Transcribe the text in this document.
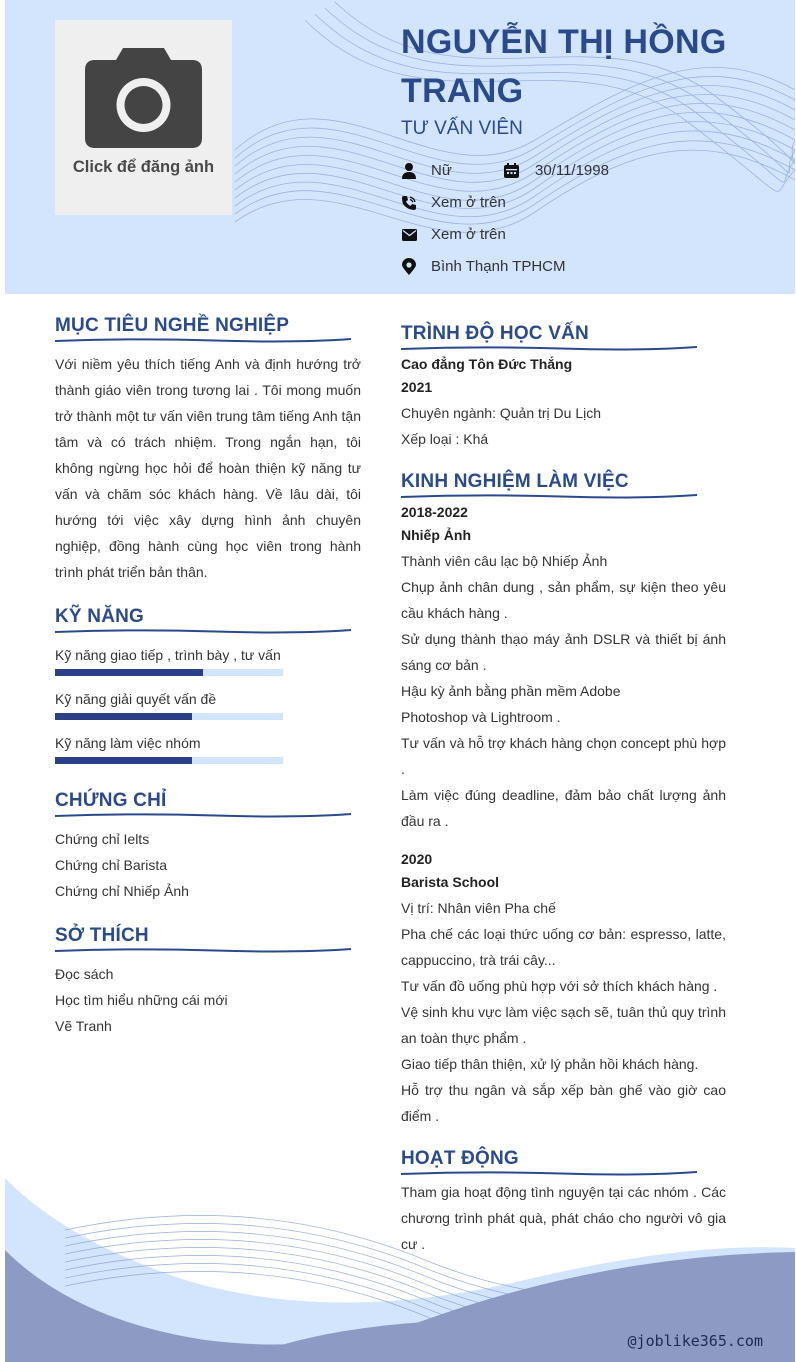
Click để đăng ảnh
NGUYỄN THỊ HỒNG TRANG
TƯ VẤN VIÊN
Nữ	30/11/1998
Xem ở trên
Xem ở trên
Bình Thạnh TPHCM
MỤC TIÊU NGHỀ NGHIỆP
Với niềm yêu thích tiếng Anh và định hướng trở thành giáo viên trong tương lai . Tôi mong muốn trở thành một tư vấn viên trung tâm tiếng Anh tận tâm và có trách nhiệm. Trong ngắn hạn, tôi không ngừng học hỏi để hoàn thiện kỹ năng tư vấn và chăm sóc khách hàng. Về lâu dài, tôi hướng tới việc xây dựng hình ảnh chuyên nghiệp, đồng hành cùng học viên trong hành trình phát triển bản thân.
KỸ NĂNG
Kỹ năng giao tiếp , trình bày , tư vấn
Kỹ năng giải quyết vấn đề
Kỹ năng làm việc nhóm
CHỨNG CHỈ
Chứng chỉ Ielts
Chứng chỉ Barista
Chứng chỉ Nhiếp Ảnh
SỞ THÍCH
Đọc sách
Học tìm hiểu những cái mới
Vẽ Tranh
TRÌNH ĐỘ HỌC VẤN
Cao đẳng Tôn Đức Thắng
2021
Chuyên ngành: Quản trị Du Lịch
Xếp loại : Khá
KINH NGHIỆM LÀM VIỆC
2018-2022
Nhiếp Ảnh
Thành viên câu lạc bộ Nhiếp Ảnh
Chụp ảnh chân dung , sản phẩm, sự kiện theo yêu cầu khách hàng .
Sử dụng thành thạo máy ảnh DSLR và thiết bị ánh sáng cơ bản .
Hậu kỳ ảnh bằng phần mềm Adobe
Photoshop và Lightroom .
Tư vấn và hỗ trợ khách hàng chọn concept phù hợp .
Làm việc đúng deadline, đảm bảo chất lượng ảnh đầu ra .
2020
Barista School
Vị trí: Nhân viên Pha chế
Pha chế các loại thức uống cơ bản: espresso, latte, cappuccino, trà trái cây...
Tư vấn đồ uống phù hợp với sở thích khách hàng .
Vệ sinh khu vực làm việc sạch sẽ, tuân thủ quy trình an toàn thực phẩm .
Giao tiếp thân thiện, xử lý phản hồi khách hàng.
Hỗ trợ thu ngân và sắp xếp bàn ghế vào giờ cao điểm .
HOẠT ĐỘNG
Tham gia hoạt động tình nguyện tại các nhóm . Các chương trình phát quà, phát cháo cho người vô gia cư .
@joblike365.com
